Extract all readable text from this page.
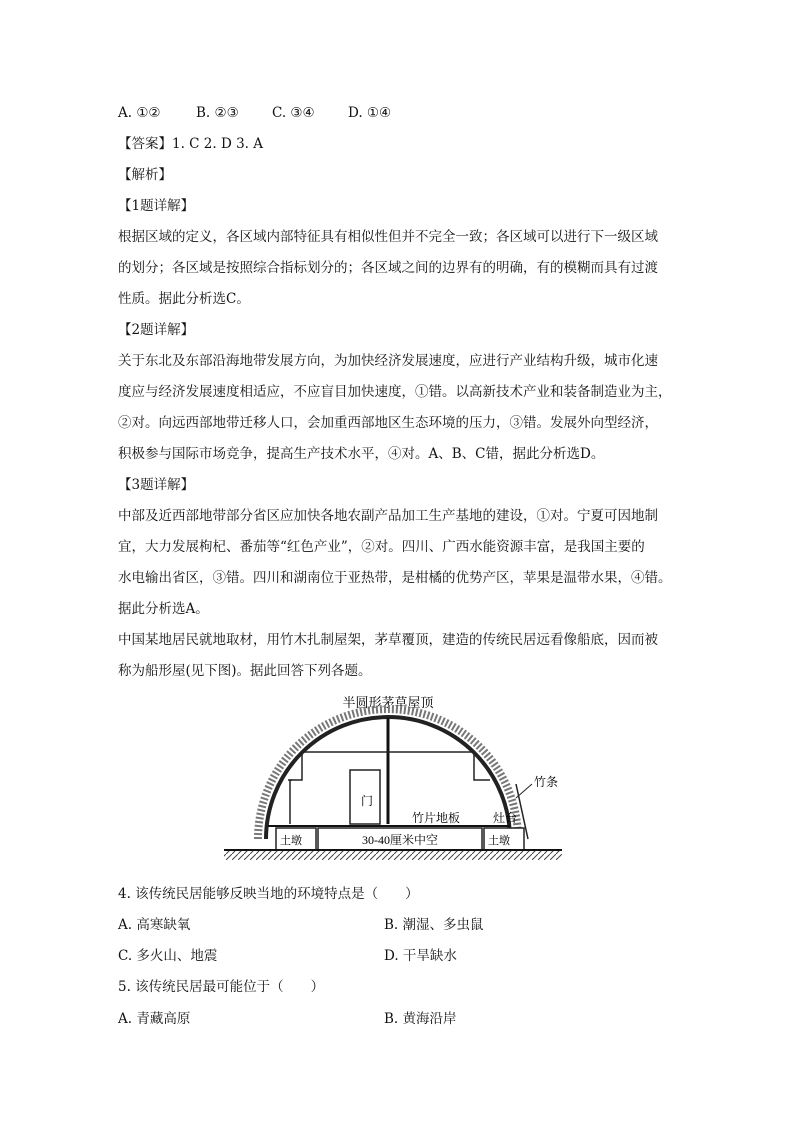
A. ①②	B. ②③ C. ③④ D. ①④
【答案】1. C 2. D 3. A
【解析】
【1题详解】
根据区域的定义，各区域内部特征具有相似性但并不完全一致；各区域可以进行下一级区域
的划分；各区域是按照综合指标划分的；各区域之间的边界有的明确，有的模糊而具有过渡
性质。据此分析选C。
【2题详解】
关于东北及东部沿海地带发展方向，为加快经济发展速度，应进行产业结构升级，城市化速
度应与经济发展速度相适应，不应盲目加快速度，①错。以高新技术产业和装备制造业为主，
②对。向远西部地带迁移人口，会加重西部地区生态环境的压力，③错。发展外向型经济，
积极参与国际市场竞争，提高生产技术水平，④对。A、B、C错，据此分析选D。
【3题详解】
中部及近西部地带部分省区应加快各地农副产品加工生产基地的建设，①对。宁夏可因地制
宜，大力发展枸杞、番茄等“红色产业”，②对。四川、广西水能资源丰富，是我国主要的
水电输出省区，③错。四川和湖南位于亚热带，是柑橘的优势产区，苹果是温带水果，④错。
据此分析选A。
中国某地居民就地取材，用竹木扎制屋架，茅草覆顶，建造的传统民居远看像船底，因而被
称为船形屋(见下图)。据此回答下列各题。
半圆形茅草屋顶
门
竹片地板	灶台
竹条
土墩	土墩
30-40厘米中空
4. 该传统民居能够反映当地的环境特点是（　　）
A. 高寒缺氧	B. 潮湿、多虫鼠
C. 多火山、地震	D. 干旱缺水
5. 该传统民居最可能位于（　　）
A. 青藏高原	B. 黄海沿岸
